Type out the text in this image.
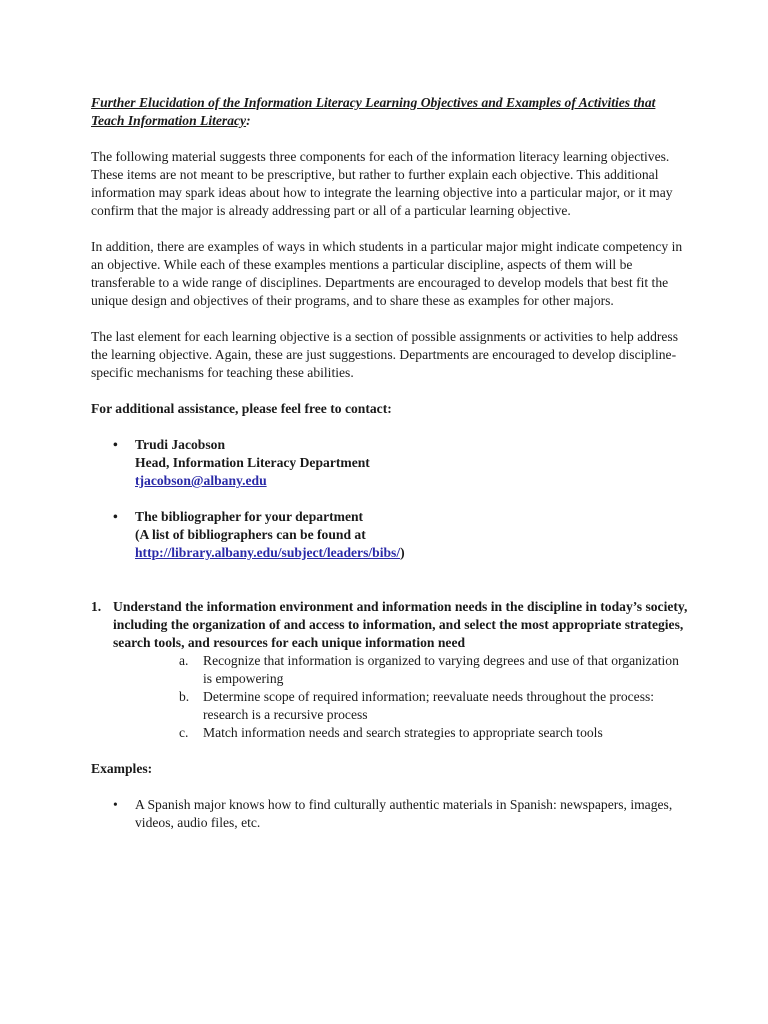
Further Elucidation of the Information Literacy Learning Objectives and Examples of Activities that Teach Information Literacy:

The following material suggests three components for each of the information literacy learning objectives. These items are not meant to be prescriptive, but rather to further explain each objective. This additional information may spark ideas about how to integrate the learning objective into a particular major, or it may confirm that the major is already addressing part or all of a particular learning objective.

In addition, there are examples of ways in which students in a particular major might indicate competency in an objective. While each of these examples mentions a particular discipline, aspects of them will be transferable to a wide range of disciplines. Departments are encouraged to develop models that best fit the unique design and objectives of their programs, and to share these as examples for other majors.

The last element for each learning objective is a section of possible assignments or activities to help address the learning objective. Again, these are just suggestions. Departments are encouraged to develop discipline-specific mechanisms for teaching these abilities.

For additional assistance, please feel free to contact:

• Trudi Jacobson
Head, Information Literacy Department
tjacobson@albany.edu
• The bibliographer for your department
(A list of bibliographers can be found at
http://library.albany.edu/subject/leaders/bibs/)
1. Understand the information environment and information needs in the discipline in today’s society, including the organization of and access to information, and select the most appropriate strategies, search tools, and resources for each unique information need

a. Recognize that information is organized to varying degrees and use of that organization is empowering
b. Determine scope of required information; reevaluate needs throughout the process: research is a recursive process
c. Match information needs and search strategies to appropriate search tools

Examples:

• A Spanish major knows how to find culturally authentic materials in Spanish: newspapers, images, videos, audio files, etc.
